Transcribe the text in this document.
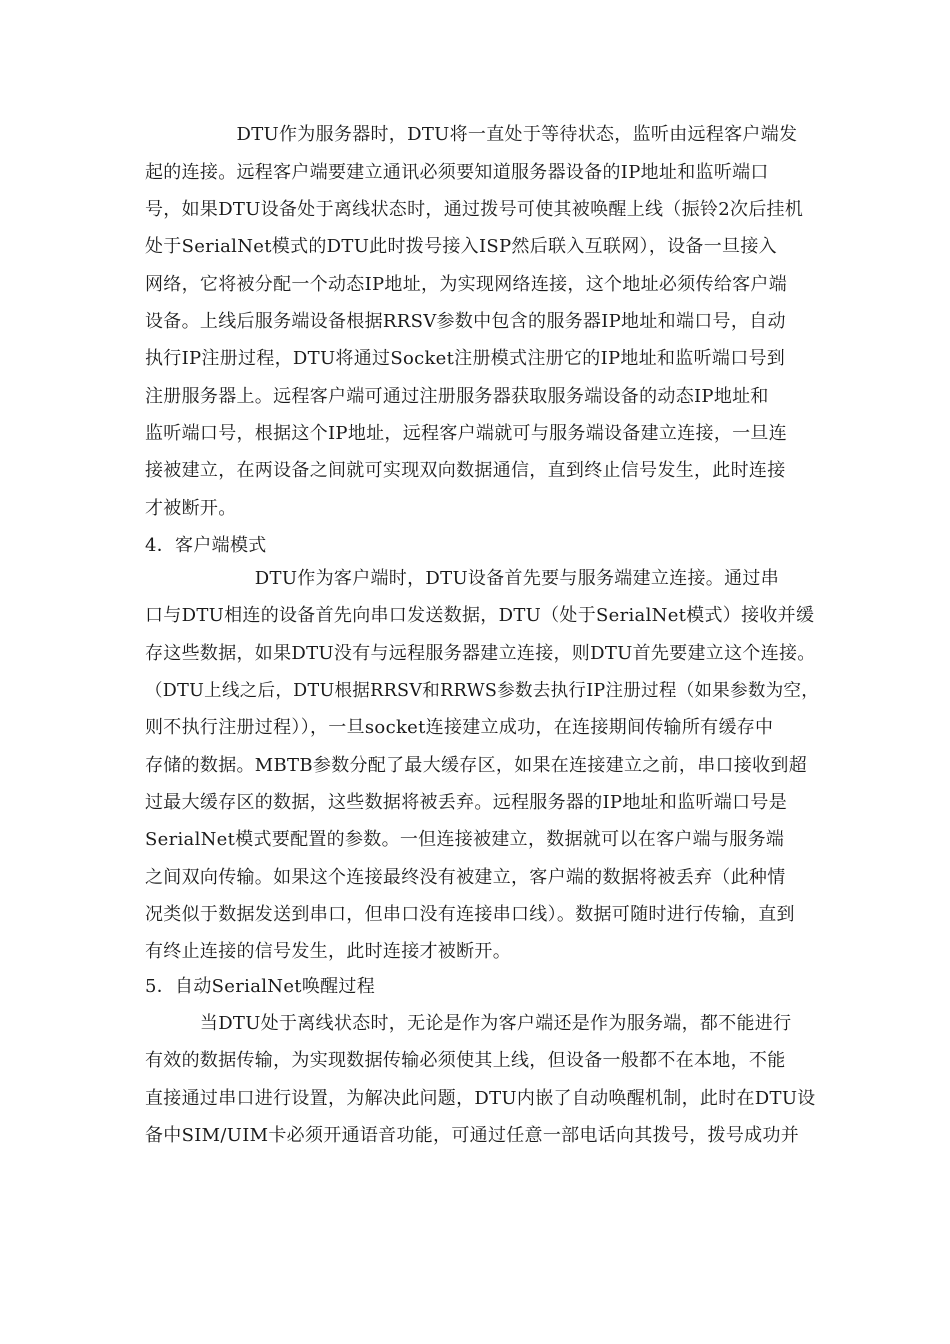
　　　　　DTU作为服务器时，DTU将一直处于等待状态，监听由远程客户端发
起的连接。远程客户端要建立通讯必须要知道服务器设备的IP地址和监听端口
号，如果DTU设备处于离线状态时，通过拨号可使其被唤醒上线（振铃2次后挂机
处于SerialNet模式的DTU此时拨号接入ISP然后联入互联网），设备一旦接入
网络，它将被分配一个动态IP地址，为实现网络连接，这个地址必须传给客户端
设备。上线后服务端设备根据RRSV参数中包含的服务器IP地址和端口号，自动
执行IP注册过程，DTU将通过Socket注册模式注册它的IP地址和监听端口号到
注册服务器上。远程客户端可通过注册服务器获取服务端设备的动态IP地址和
监听端口号，根据这个IP地址，远程客户端就可与服务端设备建立连接，一旦连
接被建立，在两设备之间就可实现双向数据通信，直到终止信号发生，此时连接
才被断开。
4．客户端模式
　　　　　　DTU作为客户端时，DTU设备首先要与服务端建立连接。通过串
口与DTU相连的设备首先向串口发送数据，DTU（处于SerialNet模式）接收并缓
存这些数据，如果DTU没有与远程服务器建立连接，则DTU首先要建立这个连接。
（DTU上线之后，DTU根据RRSV和RRWS参数去执行IP注册过程（如果参数为空，
则不执行注册过程）），一旦socket连接建立成功，在连接期间传输所有缓存中
存储的数据。MBTB参数分配了最大缓存区，如果在连接建立之前，串口接收到超
过最大缓存区的数据，这些数据将被丢弃。远程服务器的IP地址和监听端口号是
SerialNet模式要配置的参数。一但连接被建立，数据就可以在客户端与服务端
之间双向传输。如果这个连接最终没有被建立，客户端的数据将被丢弃（此种情
况类似于数据发送到串口，但串口没有连接串口线）。数据可随时进行传输，直到
有终止连接的信号发生，此时连接才被断开。
5．自动SerialNet唤醒过程
　　　当DTU处于离线状态时，无论是作为客户端还是作为服务端，都不能进行
有效的数据传输，为实现数据传输必须使其上线，但设备一般都不在本地，不能
直接通过串口进行设置，为解决此问题，DTU内嵌了自动唤醒机制，此时在DTU设
备中SIM/UIM卡必须开通语音功能，可通过任意一部电话向其拨号，拨号成功并
